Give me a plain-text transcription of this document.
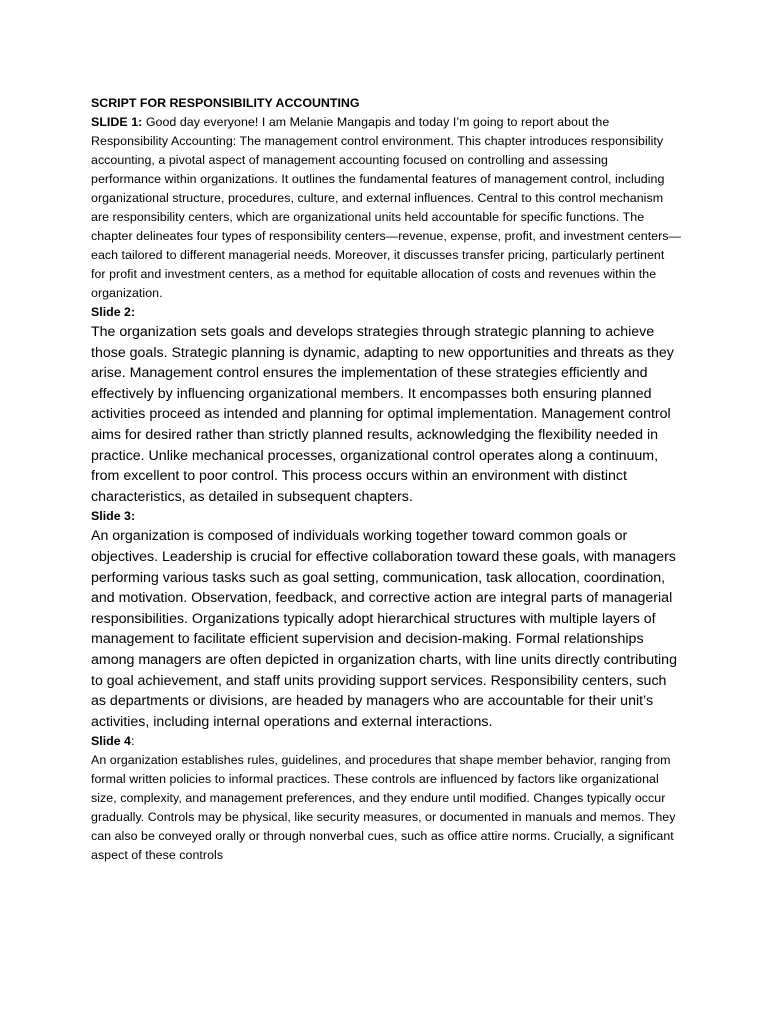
SCRIPT FOR RESPONSIBILITY ACCOUNTING

SLIDE 1: Good day everyone! I am Melanie Mangapis and today I’m going to report about the Responsibility Accounting: The management control environment. This chapter introduces responsibility accounting, a pivotal aspect of management accounting focused on controlling and assessing performance within organizations. It outlines the fundamental features of management control, including organizational structure, procedures, culture, and external influences. Central to this control mechanism are responsibility centers, which are organizational units held accountable for specific functions. The chapter delineates four types of responsibility centers—revenue, expense, profit, and investment centers—each tailored to different managerial needs. Moreover, it discusses transfer pricing, particularly pertinent for profit and investment centers, as a method for equitable allocation of costs and revenues within the organization.

Slide 2:

The organization sets goals and develops strategies through strategic planning to achieve those goals. Strategic planning is dynamic, adapting to new opportunities and threats as they arise. Management control ensures the implementation of these strategies efficiently and effectively by influencing organizational members. It encompasses both ensuring planned activities proceed as intended and planning for optimal implementation. Management control aims for desired rather than strictly planned results, acknowledging the flexibility needed in practice. Unlike mechanical processes, organizational control operates along a continuum, from excellent to poor control. This process occurs within an environment with distinct characteristics, as detailed in subsequent chapters.

Slide 3:

An organization is composed of individuals working together toward common goals or objectives. Leadership is crucial for effective collaboration toward these goals, with managers performing various tasks such as goal setting, communication, task allocation, coordination, and motivation. Observation, feedback, and corrective action are integral parts of managerial responsibilities. Organizations typically adopt hierarchical structures with multiple layers of management to facilitate efficient supervision and decision-making. Formal relationships among managers are often depicted in organization charts, with line units directly contributing to goal achievement, and staff units providing support services. Responsibility centers, such as departments or divisions, are headed by managers who are accountable for their unit’s activities, including internal operations and external interactions.

Slide 4:

An organization establishes rules, guidelines, and procedures that shape member behavior, ranging from formal written policies to informal practices. These controls are influenced by factors like organizational size, complexity, and management preferences, and they endure until modified. Changes typically occur gradually. Controls may be physical, like security measures, or documented in manuals and memos. They can also be conveyed orally or through nonverbal cues, such as office attire norms. Crucially, a significant aspect of these controls
